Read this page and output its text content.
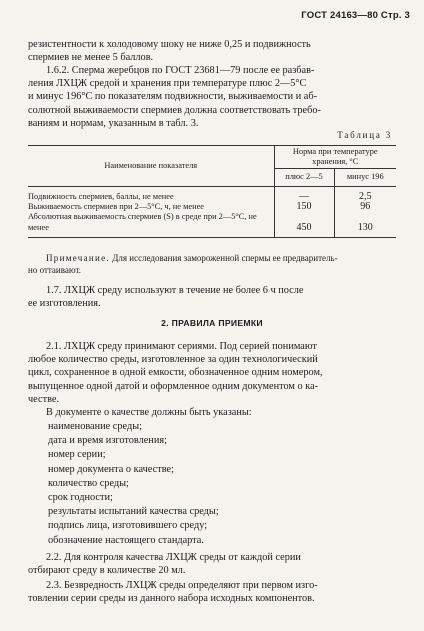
ГОСТ 24163—80 Стр. 3
резистентности к холодовому шоку не ниже 0,25 и подвижность
спермиев не менее 5 баллов.
1.6.2. Сперма жеребцов по ГОСТ 23681—79 после ее разбав-
ления ЛХЦЖ средой и хранения при температуре плюс 2—5°С
и минус 196°С по показателям подвижности, выживаемости и аб-
солютной выживаемости спермиев должна соответствовать требо-
ваниям и нормам, указанным в табл. 3.
Таблица 3
Наименование показателя	Норма при температуре хранения, °С	
	плюс 2—5	минус 196
Подвижность спермиев, баллы, не менее	—	2,5
Выживаемость спермиев при 2—5°С, ч, не менее	150	96
Абсолютная выживаемость спермиев (S) в среде при 2—5°С, не менее	450	130
Примечание. Для исследования замороженной спермы ее предваритель-
но оттаивают.
1.7. ЛХЦЖ среду используют в течение не более 6 ч после
ее изготовления.
2. ПРАВИЛА ПРИЕМКИ
2.1. ЛХЦЖ среду принимают сериями. Под серией понимают
любое количество среды, изготовленное за один технологический
цикл, сохраненное в одной емкости, обозначенное одним номером,
выпущенное одной датой и оформленное одним документом о ка-
честве.
В документе о качестве должны быть указаны:
наименование среды;
дата и время изготовления;
номер серии;
номер документа о качестве;
количество среды;
срок годности;
результаты испытаний качества среды;
подпись лица, изготовившего среду;
обозначение настоящего стандарта.
2.2. Для контроля качества ЛХЦЖ среды от каждой серии
отбирают среду в количестве 20 мл.
2.3. Безвредность ЛХЦЖ среды определяют при первом изго-
товлении серии среды из данного набора исходных компонентов.
